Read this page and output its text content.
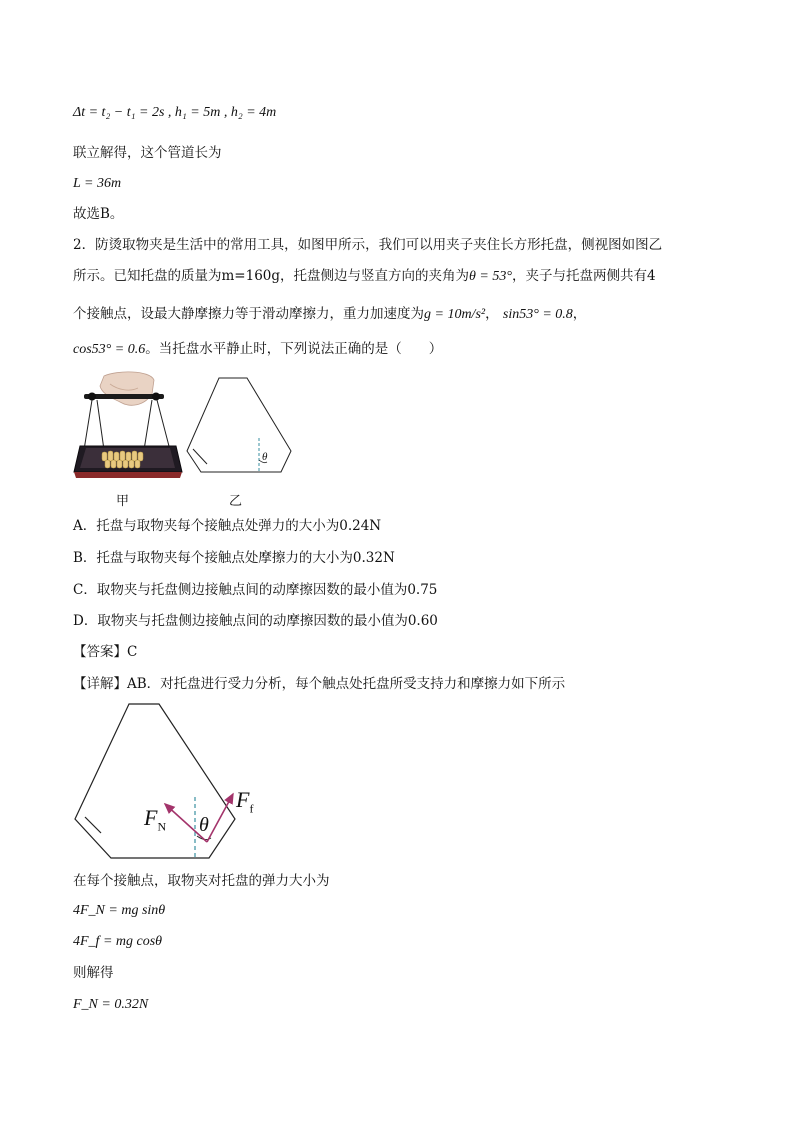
Δt = t₂ − t₁ = 2s , h₁ = 5m , h₂ = 4m
联立解得，这个管道长为
L = 36m
故选B。
2．防烫取物夹是生活中的常用工具，如图甲所示，我们可以用夹子夹住长方形托盘，侧视图如图乙
所示。已知托盘的质量为m=160g，托盘侧边与竖直方向的夹角为θ = 53°，夹子与托盘两侧共有4
个接触点，设最大静摩擦力等于滑动摩擦力，重力加速度为g = 10m/s²， sin53° = 0.8，
cos53° = 0.6。当托盘水平静止时，下列说法正确的是（　　）
甲
θ
乙
A．托盘与取物夹每个接触点处弹力的大小为0.24N
B．托盘与取物夹每个接触点处摩擦力的大小为0.32N
C．取物夹与托盘侧边接触点间的动摩擦因数的最小值为0.75
D．取物夹与托盘侧边接触点间的动摩擦因数的最小值为0.60
【答案】C
【详解】AB．对托盘进行受力分析，每个触点处托盘所受支持力和摩擦力如下所示
$F_N$
$F_f$
θ
在每个接触点，取物夹对托盘的弹力大小为
4F_N = mg sinθ
4F_f = mg cosθ
则解得
F_N = 0.32N
